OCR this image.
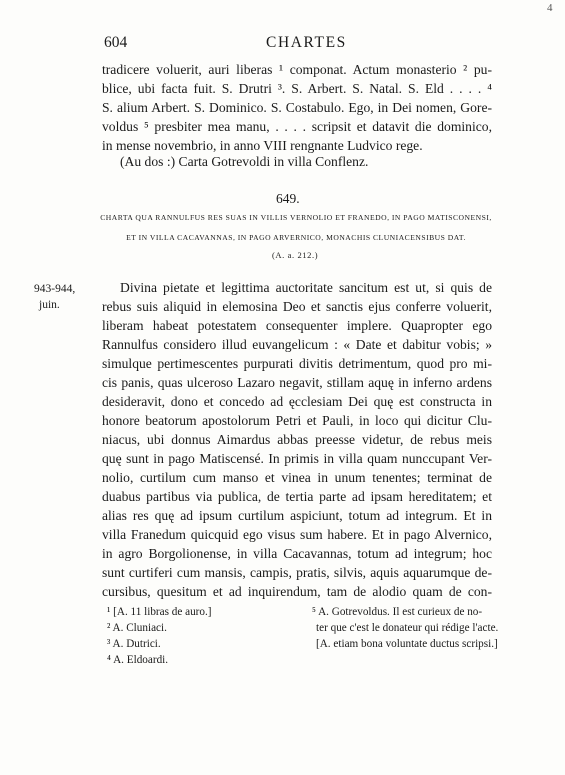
604	CHARTES
4
tradicere voluerit, auri liberas ¹ componat. Actum monasterio ² pu-
blice, ubi facta fuit. S. Drutri ³. S. Arbert. S. Natal. S. Eld . . . . ⁴
S. alium Arbert. S. Dominico. S. Costabulo. Ego, in Dei nomen, Gore-
voldus ⁵ presbiter mea manu, . . . . scripsit et datavit die dominico,
in mense novembrio, in anno VIII rengnante Ludvico rege.
(Au dos :) Carta Gotrevoldi in villa Conflenz.
649.
CHARTA QUA RANNULFUS RES SUAS IN VILLIS VERNOLIO ET FRANEDO, IN PAGO MATISCONENSI,
ET IN VILLA CACAVANNAS, IN PAGO ARVERNICO, MONACHIS CLUNIACENSIBUS DAT.
(A. a. 212.)
943-944,
juin.
Divina pietate et legittima auctoritate sancitum est ut, si quis de
rebus suis aliquid in elemosina Deo et sanctis ejus conferre voluerit,
liberam habeat potestatem consequenter implere. Quapropter ego
Rannulfus considero illud euvangelicum : « Date et dabitur vobis; »
simulque pertimescentes purpurati divitis detrimentum, quod pro mi-
cis panis, quas ulceroso Lazaro negavit, stillam aquę in inferno ardens
desideravit, dono et concedo ad ęcclesiam Dei quę est constructa in
honore beatorum apostolorum Petri et Pauli, in loco qui dicitur Clu-
niacus, ubi donnus Aimardus abbas preesse videtur, de rebus meis
quę sunt in pago Matiscensé. In primis in villa quam nunccupant Ver-
nolio, curtilum cum manso et vinea in unum tenentes; terminat de
duabus partibus via publica, de tertia parte ad ipsam hereditatem; et
alias res quę ad ipsum curtilum aspiciunt, totum ad integrum. Et in
villa Franedum quicquid ego visus sum habere. Et in pago Alvernico,
in agro Borgolionense, in villa Cacavannas, totum ad integrum; hoc
sunt curtiferi cum mansis, campis, pratis, silvis, aquis aquarumque de-
cursibus, quesitum et ad inquirendum, tam de alodio quam de con-
¹ [A. 11 libras de auro.]
² A. Cluniaci.
³ A. Dutrici.
⁴ A. Eldoardi.
⁵ A. Gotrevoldus. Il est curieux de no-
ter que c'est le donateur qui rédige l'acte.
[A. etiam bona voluntate ductus scripsi.]
